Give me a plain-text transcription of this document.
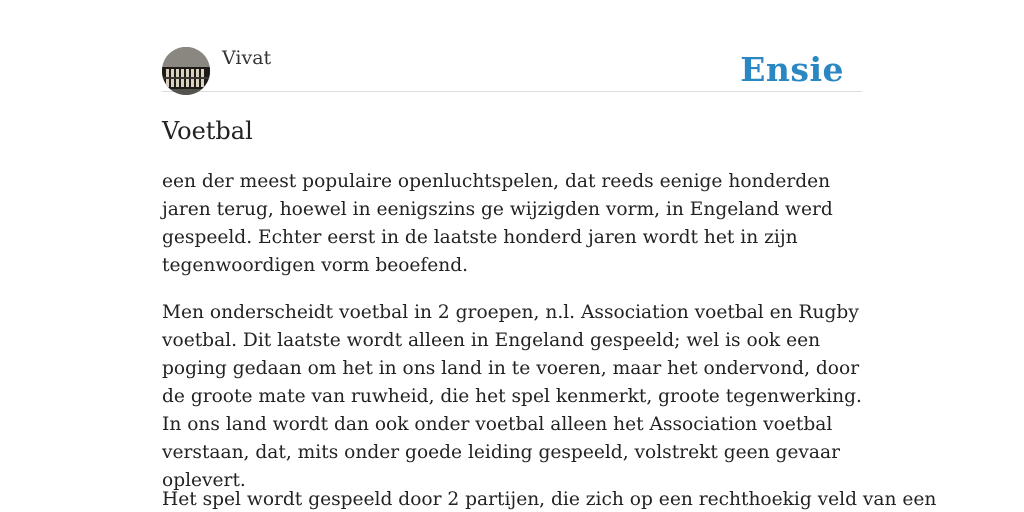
Vivat	Ensie
Voetbal

een der meest populaire openluchtspelen, dat reeds eenige honderden jaren terug, hoewel in eenigszins ge wijzigden vorm, in Engeland werd gespeeld. Echter eerst in de laatste honderd jaren wordt het in zijn tegenwoordigen vorm beoefend.

Men onderscheidt voetbal in 2 groepen, n.l. Association voetbal en Rugby voetbal. Dit laatste wordt alleen in Engeland gespeeld; wel is ook een poging gedaan om het in ons land in te voeren, maar het ondervond, door de groote mate van ruwheid, die het spel kenmerkt, groote tegenwerking. In ons land wordt dan ook onder voetbal alleen het Association voetbal verstaan, dat, mits onder goede leiding gespeeld, volstrekt geen gevaar oplevert.

Het spel wordt gespeeld door 2 partijen, die zich op een rechthoekig veld van een
